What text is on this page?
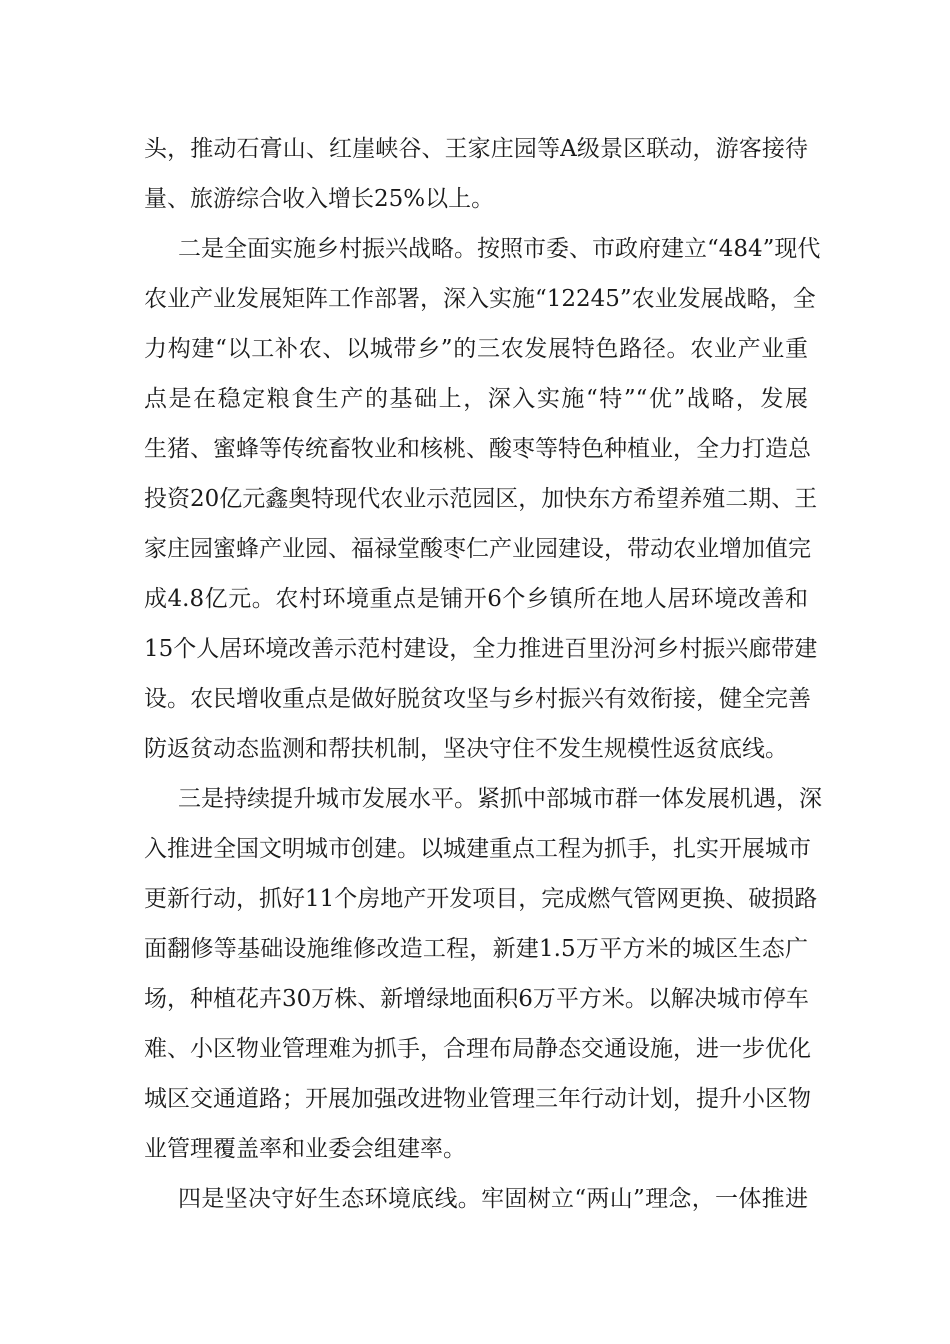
头，推动石膏山、红崖峡谷、王家庄园等A级景区联动，游客接待

量、旅游综合收入增长25%以上。

二是全面实施乡村振兴战略。按照市委、市政府建立“484”现代

农业产业发展矩阵工作部署，深入实施“12245”农业发展战略，全

力构建“以工补农、以城带乡”的三农发展特色路径。农业产业重

点是在稳定粮食生产的基础上，深入实施“特”“优”战略，发展

生猪、蜜蜂等传统畜牧业和核桃、酸枣等特色种植业，全力打造总

投资20亿元鑫奥特现代农业示范园区，加快东方希望养殖二期、王

家庄园蜜蜂产业园、福禄堂酸枣仁产业园建设，带动农业增加值完

成4.8亿元。农村环境重点是铺开6个乡镇所在地人居环境改善和

15个人居环境改善示范村建设，全力推进百里汾河乡村振兴廊带建

设。农民增收重点是做好脱贫攻坚与乡村振兴有效衔接，健全完善

防返贫动态监测和帮扶机制，坚决守住不发生规模性返贫底线。

三是持续提升城市发展水平。紧抓中部城市群一体发展机遇，深

入推进全国文明城市创建。以城建重点工程为抓手，扎实开展城市

更新行动，抓好11个房地产开发项目，完成燃气管网更换、破损路

面翻修等基础设施维修改造工程，新建1.5万平方米的城区生态广

场，种植花卉30万株、新增绿地面积6万平方米。以解决城市停车

难、小区物业管理难为抓手，合理布局静态交通设施，进一步优化

城区交通道路；开展加强改进物业管理三年行动计划，提升小区物

业管理覆盖率和业委会组建率。

四是坚决守好生态环境底线。牢固树立“两山”理念，一体推进
